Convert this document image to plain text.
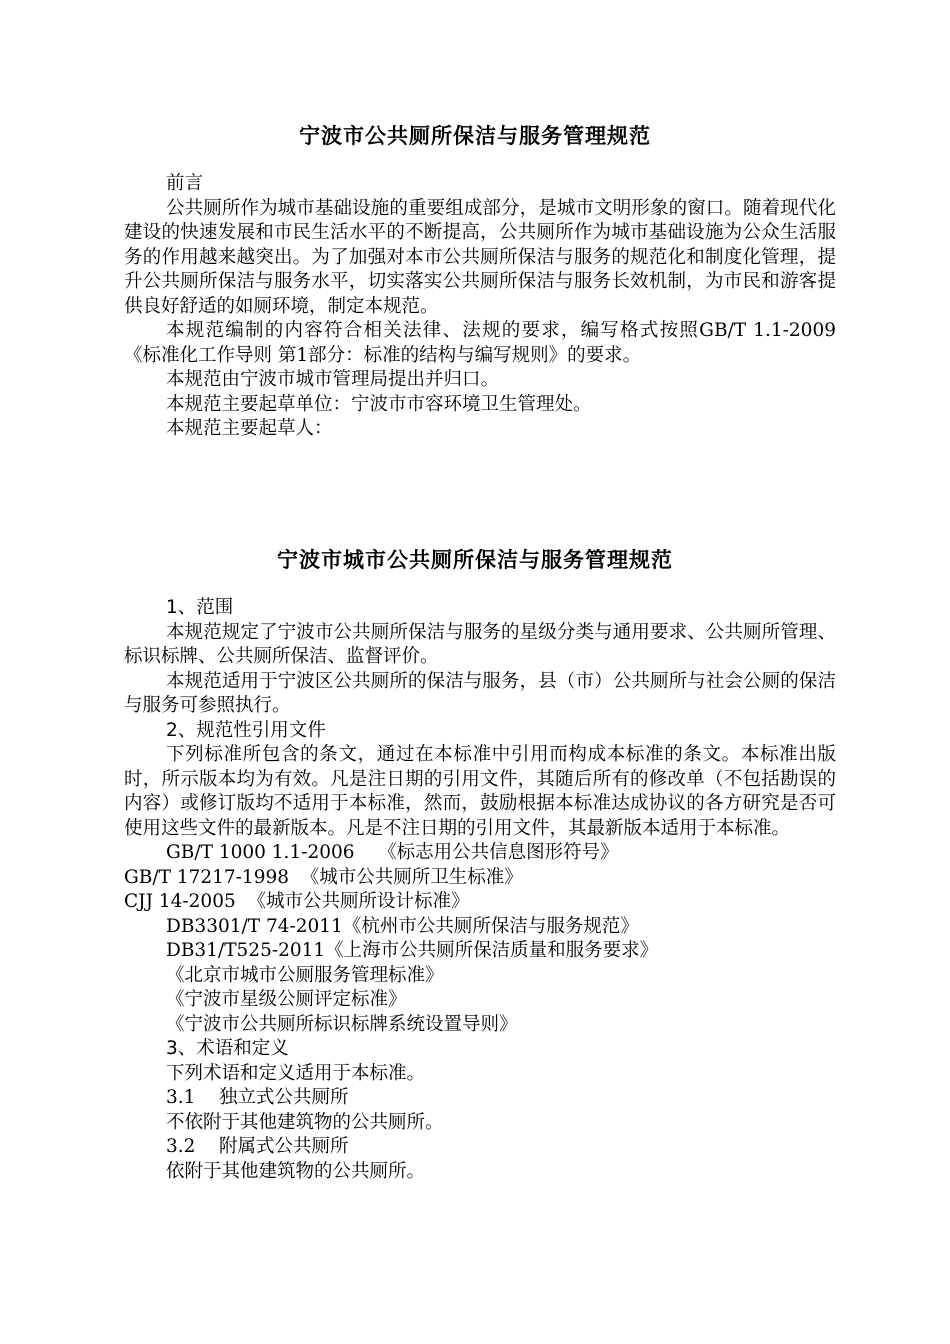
宁波市公共厕所保洁与服务管理规范

前言

公共厕所作为城市基础设施的重要组成部分，是城市文明形象的窗口。随着现代化建设的快速发展和市民生活水平的不断提高，公共厕所作为城市基础设施为公众生活服务的作用越来越突出。为了加强对本市公共厕所保洁与服务的规范化和制度化管理，提升公共厕所保洁与服务水平，切实落实公共厕所保洁与服务长效机制，为市民和游客提供良好舒适的如厕环境，制定本规范。

本规范编制的内容符合相关法律、法规的要求，编写格式按照GB/T 1.1-2009《标准化工作导则 第1部分：标准的结构与编写规则》的要求。

本规范由宁波市城市管理局提出并归口。

本规范主要起草单位：宁波市市容环境卫生管理处。

本规范主要起草人：

宁波市城市公共厕所保洁与服务管理规范

1、范围

本规范规定了宁波市公共厕所保洁与服务的星级分类与通用要求、公共厕所管理、标识标牌、公共厕所保洁、监督评价。

本规范适用于宁波区公共厕所的保洁与服务，县（市）公共厕所与社会公厕的保洁与服务可参照执行。

2、规范性引用文件

下列标准所包含的条文，通过在本标准中引用而构成本标准的条文。本标准出版时，所示版本均为有效。凡是注日期的引用文件，其随后所有的修改单（不包括勘误的内容）或修订版均不适用于本标准，然而，鼓励根据本标准达成协议的各方研究是否可使用这些文件的最新版本。凡是不注日期的引用文件，其最新版本适用于本标准。

GB/T 1000 1.1-2006    《标志用公共信息图形符号》

GB/T 17217-1998  《城市公共厕所卫生标准》

CJJ 14-2005  《城市公共厕所设计标准》

DB3301/T 74-2011《杭州市公共厕所保洁与服务规范》

DB31/T525-2011《上海市公共厕所保洁质量和服务要求》

《北京市城市公厕服务管理标准》

《宁波市星级公厕评定标准》

《宁波市公共厕所标识标牌系统设置导则》

3、术语和定义

下列术语和定义适用于本标准。

3.1 独立式公共厕所

不依附于其他建筑物的公共厕所。

3.2 附属式公共厕所

依附于其他建筑物的公共厕所。
